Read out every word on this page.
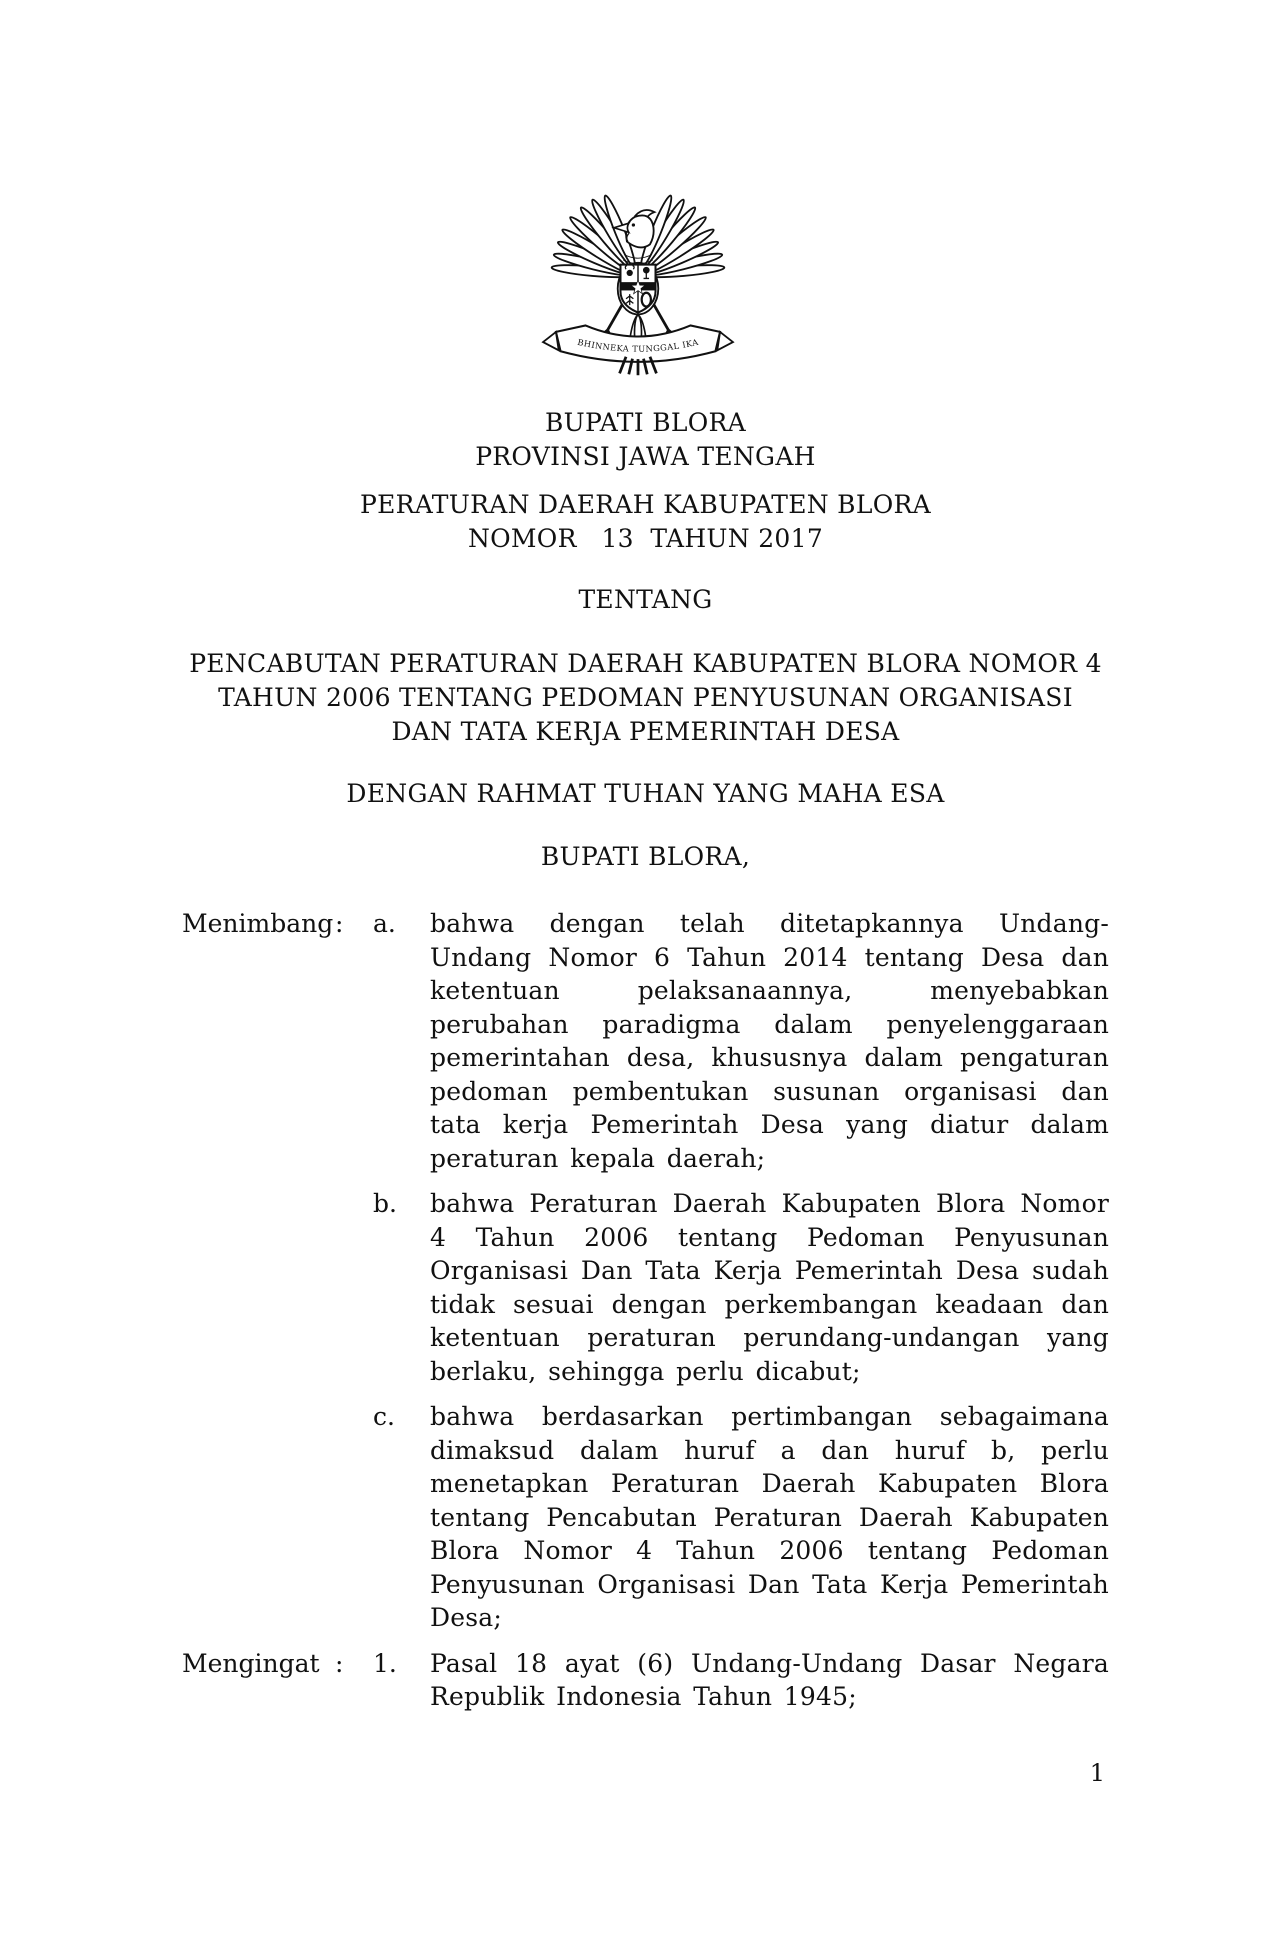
BHINNEKA TUNGGAL IKA
BUPATI BLORA
PROVINSI JAWA TENGAH
PERATURAN DAERAH KABUPATEN BLORA
NOMOR   13  TAHUN 2017
TENTANG
PENCABUTAN PERATURAN DAERAH KABUPATEN BLORA NOMOR 4
TAHUN 2006 TENTANG PEDOMAN PENYUSUNAN ORGANISASI
DAN TATA KERJA PEMERINTAH DESA
DENGAN RAHMAT TUHAN YANG MAHA ESA
BUPATI BLORA,
Menimbang :	a.	bahwa dengan telah ditetapkannya Undang-Undang Nomor 6 Tahun 2014 tentang Desa dan ketentuan pelaksanaannya, menyebabkan perubahan paradigma dalam penyelenggaraan pemerintahan desa, khususnya dalam pengaturan pedoman pembentukan susunan organisasi dan tata kerja Pemerintah Desa yang diatur dalam peraturan kepala daerah;
b.	bahwa Peraturan Daerah Kabupaten Blora Nomor 4 Tahun 2006 tentang Pedoman Penyusunan Organisasi Dan Tata Kerja Pemerintah Desa sudah tidak sesuai dengan perkembangan keadaan dan ketentuan peraturan perundang-undangan yang berlaku, sehingga perlu dicabut;
c.	bahwa berdasarkan pertimbangan sebagaimana dimaksud dalam huruf a dan huruf b, perlu menetapkan Peraturan Daerah Kabupaten Blora tentang Pencabutan Peraturan Daerah Kabupaten Blora Nomor 4 Tahun 2006 tentang Pedoman Penyusunan Organisasi Dan Tata Kerja Pemerintah Desa;
Mengingat :	1.	Pasal 18 ayat (6) Undang-Undang Dasar Negara Republik Indonesia Tahun 1945;
1
